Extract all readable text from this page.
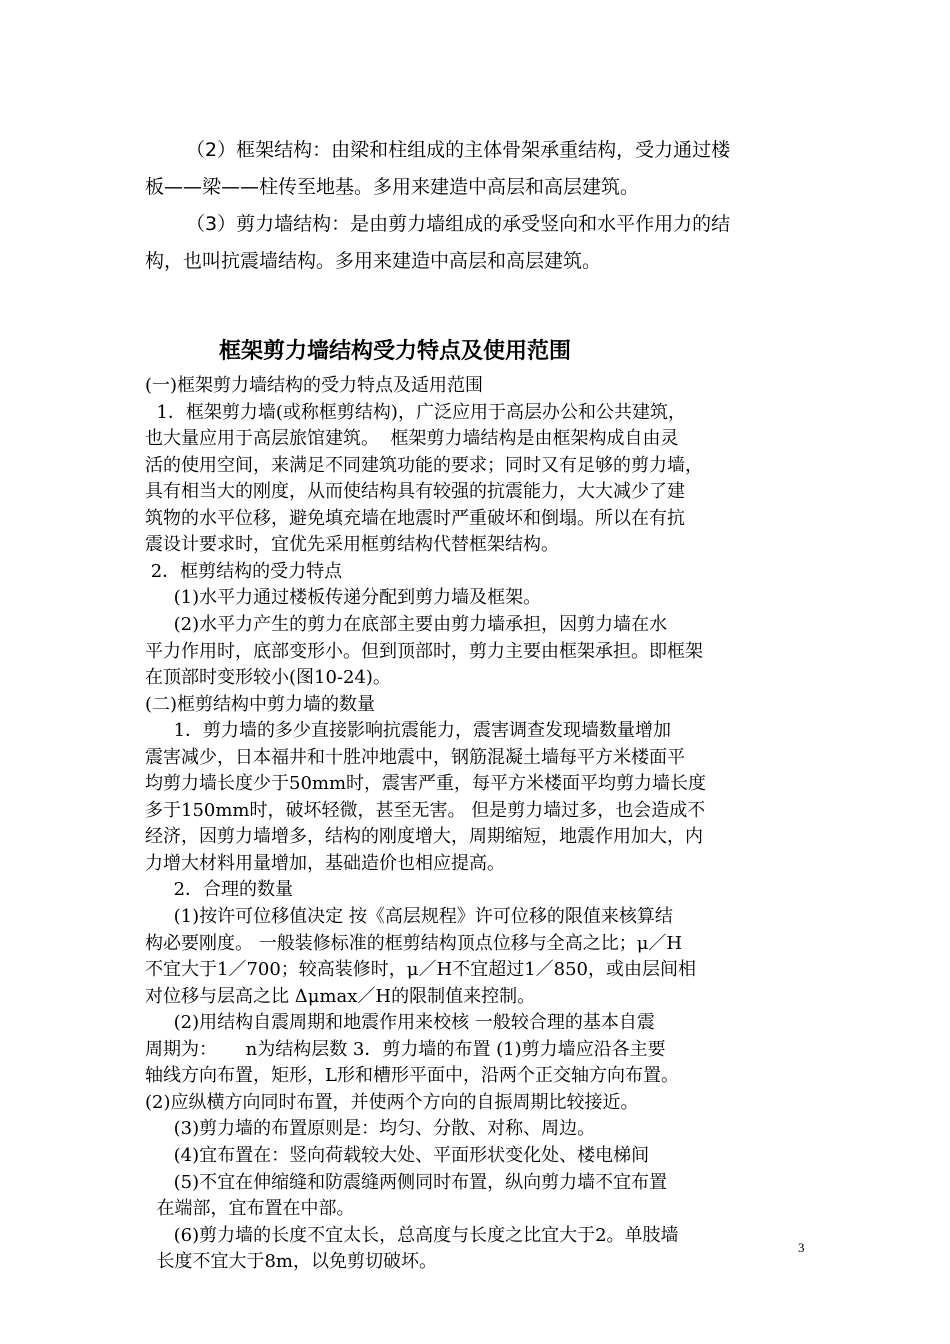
（2）框架结构：由梁和柱组成的主体骨架承重结构，受力通过楼

板——梁——柱传至地基。多用来建造中高层和高层建筑。

（3）剪力墙结构：是由剪力墙组成的承受竖向和水平作用力的结

构，也叫抗震墙结构。多用来建造中高层和高层建筑。

框架剪力墙结构受力特点及使用范围

(一)框架剪力墙结构的受力特点及适用范围

1．框架剪力墙(或称框剪结构)，广泛应用于高层办公和公共建筑，

也大量应用于高层旅馆建筑。  框架剪力墙结构是由框架构成自由灵

活的使用空间，来满足不同建筑功能的要求；同时又有足够的剪力墙，

具有相当大的刚度，从而使结构具有较强的抗震能力，大大减少了建

筑物的水平位移，避免填充墙在地震时严重破坏和倒塌。所以在有抗

震设计要求时，宜优先采用框剪结构代替框架结构。

2．框剪结构的受力特点

(1)水平力通过楼板传递分配到剪力墙及框架。

(2)水平力产生的剪力在底部主要由剪力墙承担，因剪力墙在水

平力作用时，底部变形小。但到顶部时，剪力主要由框架承担。即框架

在顶部时变形较小(图10-24)。

(二)框剪结构中剪力墙的数量

1．剪力墙的多少直接影响抗震能力，震害调查发现墙数量增加

震害减少，日本福井和十胜冲地震中，钢筋混凝土墙每平方米楼面平

均剪力墙长度少于50mm时，震害严重，每平方米楼面平均剪力墙长度

多于150mm时，破坏轻微，甚至无害。 但是剪力墙过多，也会造成不

经济，因剪力墙增多，结构的刚度增大，周期缩短，地震作用加大，内

力增大材料用量增加，基础造价也相应提高。

2．合理的数量

(1)按许可位移值决定 按《高层规程》许可位移的限值来核算结

构必要刚度。 一般装修标准的框剪结构顶点位移与全高之比；μ／H

不宜大于1／700；较高装修时，μ／H不宜超过1／850，或由层间相

对位移与层高之比 Δμmax／H的限制值来控制。

(2)用结构自震周期和地震作用来校核 一般较合理的基本自震

周期为：     n为结构层数 3．剪力墙的布置 (1)剪力墙应沿各主要

轴线方向布置，矩形，L形和槽形平面中，沿两个正交轴方向布置。

(2)应纵横方向同时布置，并使两个方向的自振周期比较接近。

(3)剪力墙的布置原则是：均匀、分散、对称、周边。

(4)宜布置在：竖向荷载较大处、平面形状变化处、楼电梯间

(5)不宜在伸缩缝和防震缝两侧同时布置，纵向剪力墙不宜布置

在端部，宜布置在中部。

(6)剪力墙的长度不宜太长，总高度与长度之比宜大于2。单肢墙

长度不宜大于8m，以免剪切破坏。

3
